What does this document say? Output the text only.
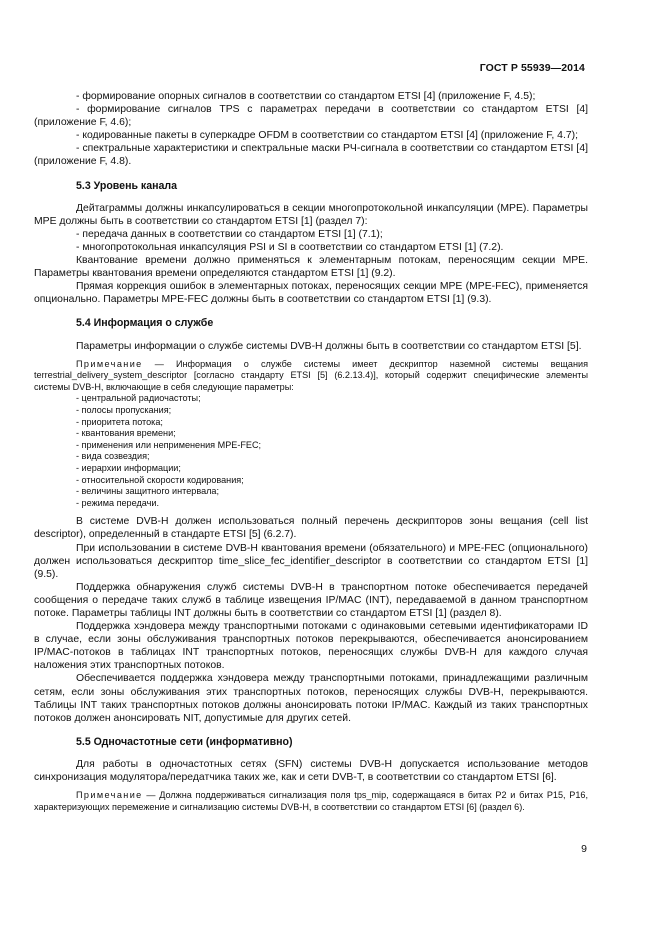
ГОСТ Р 55939—2014

- формирование опорных сигналов в соответствии со стандартом ETSI [4] (приложение F, 4.5);

- формирование сигналов TPS с параметрах передачи в соответствии со стандартом ETSI [4] (приложение F, 4.6);

- кодированные пакеты в суперкадре OFDM в соответствии со стандартом ETSI [4] (приложение F, 4.7);

- спектральные характеристики и спектральные маски РЧ-сигнала в соответствии со стандартом ETSI [4] (приложение F, 4.8).

5.3 Уровень канала

Дейтаграммы должны инкапсулироваться в секции многопротокольной инкапсуляции (MPE). Параметры MPE должны быть в соответствии со стандартом ETSI [1] (раздел 7):

- передача данных в соответствии со стандартом ETSI [1] (7.1);

- многопротокольная инкапсуляция PSI и SI в соответствии со стандартом ETSI [1] (7.2).

Квантование времени должно применяться к элементарным потокам, переносящим секции MPE. Параметры квантования времени определяются стандартом ETSI [1] (9.2).

Прямая коррекция ошибок в элементарных потоках, переносящих секции MPE (MPE-FEC), применяется опционально. Параметры MPE-FEC должны быть в соответствии со стандартом ETSI [1] (9.3).

5.4 Информация о службе

Параметры информации о службе системы DVB-H должны быть в соответствии со стандартом ETSI [5].

Примечание — Информация о службе системы имеет дескриптор наземной системы вещания terrestrial_delivery_system_descriptor [согласно стандарту ETSI [5] (6.2.13.4)], который содержит специфические элементы системы DVB-H, включающие в себя следующие параметры:

- центральной радиочастоты;

- полосы пропускания;

- приоритета потока;

- квантования времени;

- применения или неприменения MPE-FEC;

- вида созвездия;

- иерархии информации;

- относительной скорости кодирования;

- величины защитного интервала;

- режима передачи.

В системе DVB-H должен использоваться полный перечень дескрипторов зоны вещания (cell list descriptor), определенный в стандарте ETSI [5] (6.2.7).

При использовании в системе DVB-H квантования времени (обязательного) и MPE-FEC (опционального) должен использоваться дескриптор time_slice_fec_identifier_descriptor в соответствии со стандартом ETSI [1] (9.5).

Поддержка обнаружения служб системы DVB-H в транспортном потоке обеспечивается передачей сообщения о передаче таких служб в таблице извещения IP/MAC (INT), передаваемой в данном транспортном потоке. Параметры таблицы INT должны быть в соответствии со стандартом ETSI [1] (раздел 8).

Поддержка хэндовера между транспортными потоками с одинаковыми сетевыми идентификаторами ID в случае, если зоны обслуживания транспортных потоков перекрываются, обеспечивается анонсированием IP/MAC-потоков в таблицах INT транспортных потоков, переносящих службы DVB-H для каждого случая наложения этих транспортных потоков.

Обеспечивается поддержка хэндовера между транспортными потоками, принадлежащими различным сетям, если зоны обслуживания этих транспортных потоков, переносящих службы DVB-H, перекрываются. Таблицы INT таких транспортных потоков должны анонсировать потоки IP/MAC. Каждый из таких транспортных потоков должен анонсировать NIT, допустимые для других сетей.

5.5 Одночастотные сети (информативно)

Для работы в одночастотных сетях (SFN) системы DVB-H допускается использование методов синхронизация модулятора/передатчика таких же, как и сети DVB-T, в соответствии со стандартом ETSI [6].

Примечание — Должна поддерживаться сигнализация поля tps_mip, содержащаяся в битах P2 и битах P15, P16, характеризующих перемежение и сигнализацию системы DVB-H, в соответствии со стандартом ETSI [6] (раздел 6).

9
